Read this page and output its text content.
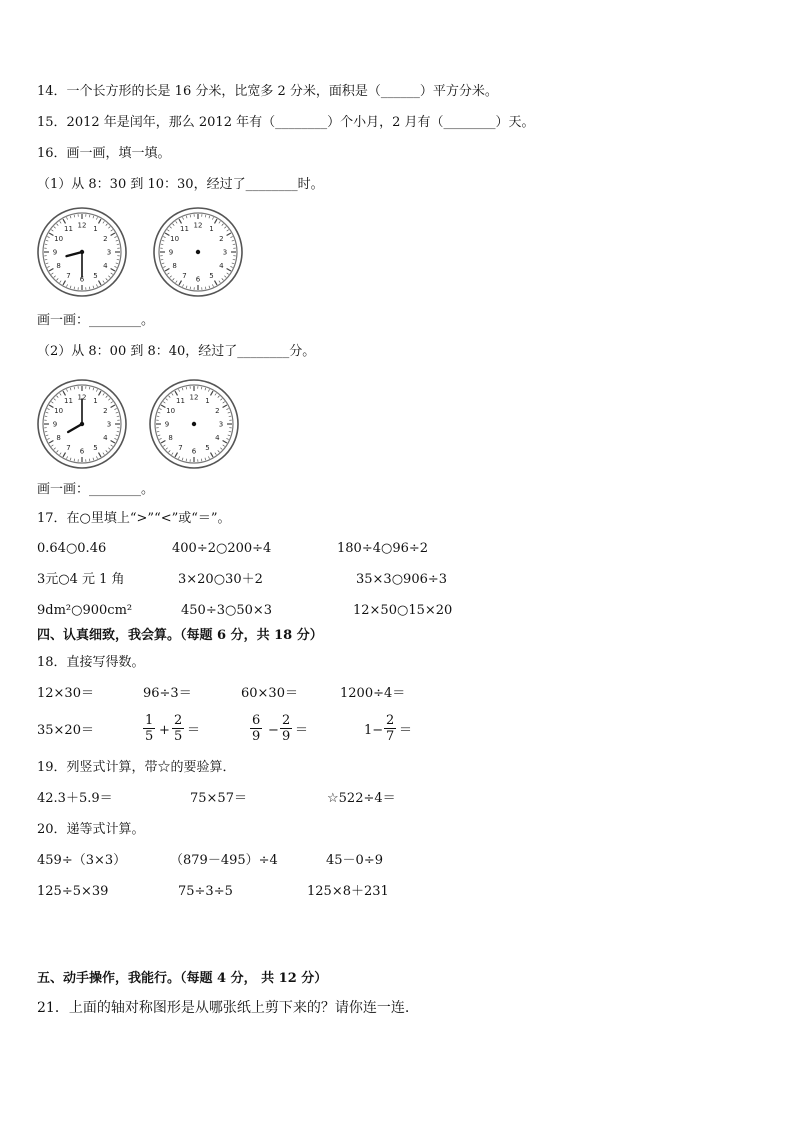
14．一个长方形的长是 16 分米，比宽多 2 分米，面积是（______）平方分米。
15．2012 年是闰年，那么 2012 年有（________）个小月，2 月有（________）天。
16．画一画，填一填。
（1）从 8：30 到 10：30，经过了________时。
1
2
3
4
5
6
7
8
9
10
11 12	1
2
3
4
5
6
7
8
9
10
11 12
画一画：________。
（2）从 8：00 到 8：40，经过了________分。
1
2
3
4
5
6
7
8
9
10
11 12	1
2
3
4
5
6
7
8
9
10
11 12
画一画：________。
17．在○里填上“>”“<”或“＝”。
0.64○0.46	400÷2○200÷4	180÷4○96÷2
3元○4 元 1 角	3×20○30＋2	35×3○906÷3
9dm²○900cm²	450÷3○50×3	12×50○15×20
四、认真细致，我会算。（每题 6 分，共 18 分）
18．直接写得数。
12×30＝	96÷3＝	60×30＝	1200÷4＝
35×20＝	$\frac{1}{5} + \frac{2}{5}$ ＝	$\frac{6}{9} - \frac{2}{9}$ ＝	$1- \frac{2}{7}$ ＝
19．列竖式计算，带☆的要验算．
42.3＋5.9＝	75×57＝	☆522÷4＝
20．递等式计算。
459÷（3×3）	（879－495）÷4	45－0÷9
125÷5×39	75÷3÷5	125×8＋231
五、动手操作，我能行。（每题 4 分， 共 12 分）
21．上面的轴对称图形是从哪张纸上剪下来的？请你连一连.
